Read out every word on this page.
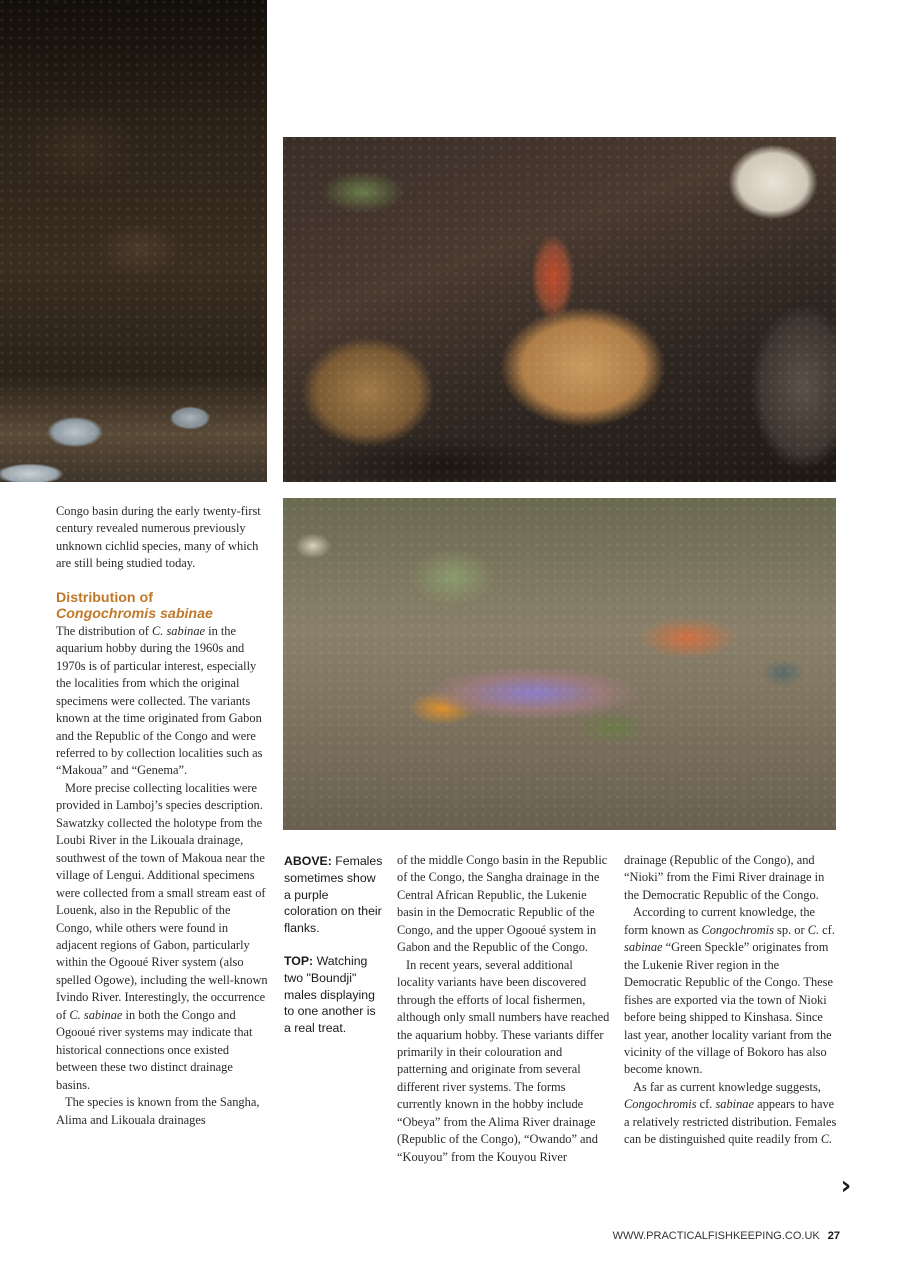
Congo basin during the early twenty-first century revealed numerous previously unknown cichlid species, many of which are still being studied today.

Distribution of
Congochromis sabinae

The distribution of C. sabinae in the aquarium hobby during the 1960s and 1970s is of particular interest, especially the localities from which the original specimens were collected. The variants known at the time originated from Gabon and the Republic of the Congo and were referred to by collection localities such as “Makoua” and “Genema”.

More precise collecting localities were provided in Lamboj’s species description. Sawatzky collected the holotype from the Loubi River in the Likouala drainage, southwest of the town of Makoua near the village of Lengui. Additional specimens were collected from a small stream east of Louenk, also in the Republic of the Congo, while others were found in adjacent regions of Gabon, particularly within the Ogooué River system (also spelled Ogowe), including the well-known Ivindo River. Interestingly, the occurrence of C. sabinae in both the Congo and Ogooué river systems may indicate that historical connections once existed between these two distinct drainage basins.

The species is known from the Sangha, Alima and Likouala drainages

ABOVE: Females sometimes show a purple coloration on their flanks.

TOP: Watching two "Boundji" males displaying to one another is a real treat.

of the middle Congo basin in the Republic of the Congo, the Sangha drainage in the Central African Republic, the Lukenie basin in the Democratic Republic of the Congo, and the upper Ogooué system in Gabon and the Republic of the Congo.

In recent years, several additional locality variants have been discovered through the efforts of local fishermen, although only small numbers have reached the aquarium hobby. These variants differ primarily in their colouration and patterning and originate from several different river systems. The forms currently known in the hobby include “Obeya” from the Alima River drainage (Republic of the Congo), “Owando” and “Kouyou” from the Kouyou River

drainage (Republic of the Congo), and “Nioki” from the Fimi River drainage in the Democratic Republic of the Congo.

According to current knowledge, the form known as Congochromis sp. or C. cf. sabinae “Green Speckle” originates from the Lukenie River region in the Democratic Republic of the Congo. These fishes are exported via the town of Nioki before being shipped to Kinshasa. Since last year, another locality variant from the vicinity of the village of Bokoro has also become known.

As far as current knowledge suggests, Congochromis cf. sabinae appears to have a relatively restricted distribution. Females can be distinguished quite readily from C.

›
WWW.PRACTICALFISHKEEPING.CO.UK 27
